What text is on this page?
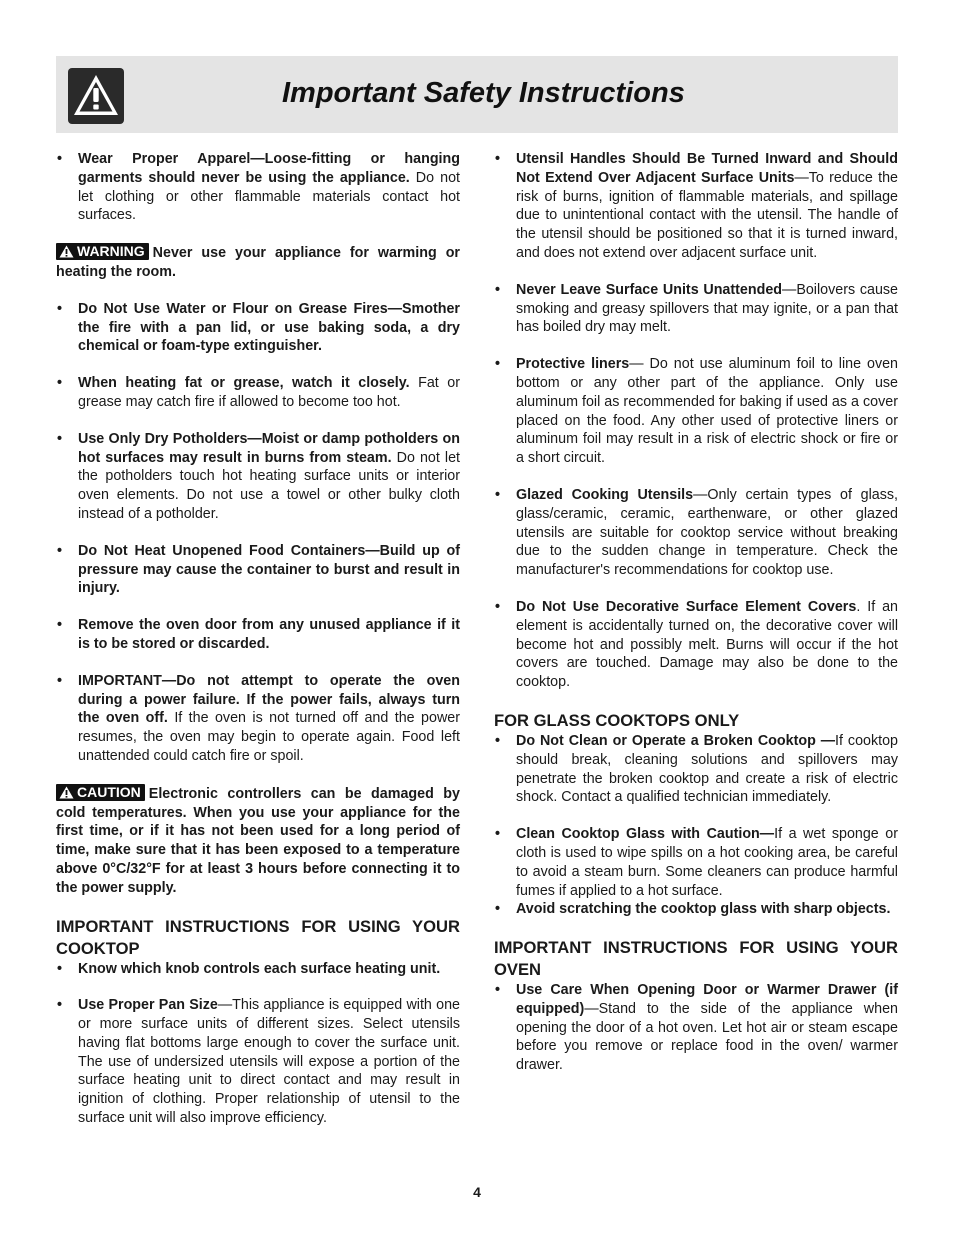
Important Safety Instructions
• Wear Proper Apparel—Loose-fitting or hanging garments should never be using the appliance. Do not let clothing or other flammable materials contact hot surfaces.
WARNING Never use your appliance for warming or heating the room.
• Do Not Use Water or Flour on Grease Fires—Smother the fire with a pan lid, or use baking soda, a dry chemical or foam-type extinguisher.
• When heating fat or grease, watch it closely. Fat or grease may catch fire if allowed to become too hot.
• Use Only Dry Potholders—Moist or damp potholders on hot surfaces may result in burns from steam. Do not let the potholders touch hot heating surface units or interior oven elements. Do not use a towel or other bulky cloth instead of a potholder.
• Do Not Heat Unopened Food Containers—Build up of pressure may cause the container to burst and result in injury.
• Remove the oven door from any unused appliance if it is to be stored or discarded.
• IMPORTANT—Do not attempt to operate the oven during a power failure. If the power fails, always turn the oven off. If the oven is not turned off and the power resumes, the oven may begin to operate again. Food left unattended could catch fire or spoil.
CAUTION Electronic controllers can be damaged by cold temperatures. When you use your appliance for the first time, or if it has not been used for a long period of time, make sure that it has been exposed to a temperature above 0°C/32°F for at least 3 hours before connecting it to the power supply.
IMPORTANT INSTRUCTIONS FOR USING YOUR COOKTOP
• Know which knob controls each surface heating unit.
• Use Proper Pan Size—This appliance is equipped with one or more surface units of different sizes. Select utensils having flat bottoms large enough to cover the surface unit. The use of undersized utensils will expose a portion of the surface heating unit to direct contact and may result in ignition of clothing. Proper relationship of utensil to the surface unit will also improve efficiency.
• Utensil Handles Should Be Turned Inward and Should Not Extend Over Adjacent Surface Units—To reduce the risk of burns, ignition of flammable materials, and spillage due to unintentional contact with the utensil. The handle of the utensil should be positioned so that it is turned inward, and does not extend over adjacent surface unit.
• Never Leave Surface Units Unattended—Boilovers cause smoking and greasy spillovers that may ignite, or a pan that has boiled dry may melt.
• Protective liners— Do not use aluminum foil to line oven bottom or any other part of the appliance. Only use aluminum foil as recommended for baking if used as a cover placed on the food. Any other used of protective liners or aluminum foil may result in a risk of electric shock or fire or a short circuit.
• Glazed Cooking Utensils—Only certain types of glass, glass/ceramic, ceramic, earthenware, or other glazed utensils are suitable for cooktop service without breaking due to the sudden change in temperature. Check the manufacturer's recommendations for cooktop use.
• Do Not Use Decorative Surface Element Covers. If an element is accidentally turned on, the decorative cover will become hot and possibly melt. Burns will occur if the hot covers are touched. Damage may also be done to the cooktop.
FOR GLASS COOKTOPS ONLY
• Do Not Clean or Operate a Broken Cooktop —If cooktop should break, cleaning solutions and spillovers may penetrate the broken cooktop and create a risk of electric shock. Contact a qualified technician immediately.
• Clean Cooktop Glass with Caution—If a wet sponge or cloth is used to wipe spills on a hot cooking area, be careful to avoid a steam burn. Some cleaners can produce harmful fumes if applied to a hot surface.
• Avoid scratching the cooktop glass with sharp objects.
IMPORTANT INSTRUCTIONS FOR USING YOUR OVEN
• Use Care When Opening Door or Warmer Drawer (if equipped)—Stand to the side of the appliance when opening the door of a hot oven. Let hot air or steam escape before you remove or replace food in the oven/ warmer drawer.
4
